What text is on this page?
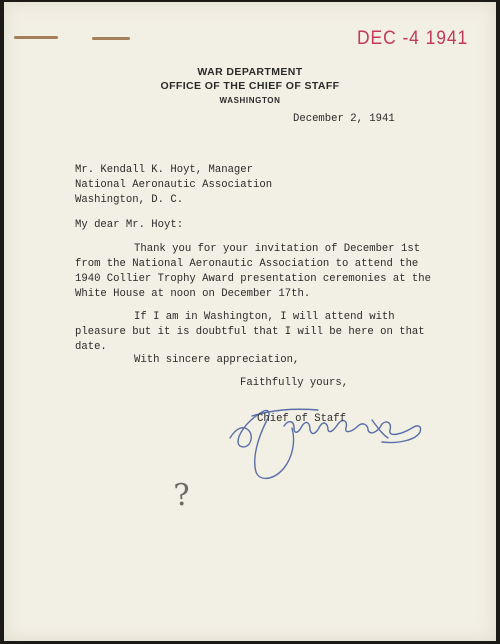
DEC -4 1941
WAR DEPARTMENT
OFFICE OF THE CHIEF OF STAFF
WASHINGTON
December 2, 1941
Mr. Kendall K. Hoyt, Manager
National Aeronautic Association
Washington, D. C.
My dear Mr. Hoyt:
Thank you for your invitation of December 1st
from the National Aeronautic Association to attend the
1940 Collier Trophy Award presentation ceremonies at the
White House at noon on December 17th.
If I am in Washington, I will attend with
pleasure but it is doubtful that I will be here on that
date.
With sincere appreciation,
Faithfully yours,
Chief of Staff
?
